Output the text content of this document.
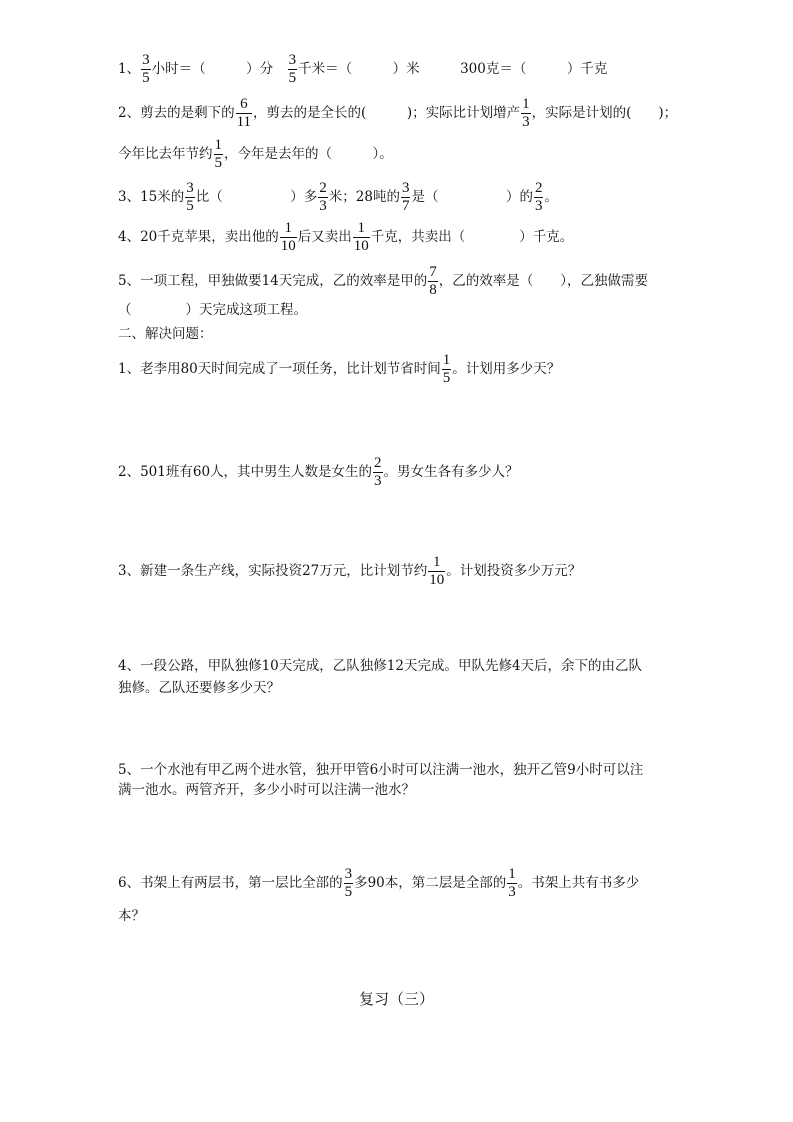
1、 $\frac{3}{5}$ 小时＝（　　　）分　 $\frac{3}{5}$ 千米＝（　　　）米　　　300克＝（　　　）千克
2、剪去的是剩下的 $\frac{6}{11}$ ，剪去的是全长的(　　　)；实际比计划增产 $\frac{1}{3}$ ，实际是计划的(　　)；
今年比去年节约 $\frac{1}{5}$ ，今年是去年的（　　　）。
3、15米的 $\frac{3}{5}$ 比（　　　　　）多 $\frac{2}{3}$ 米；28吨的 $\frac{3}{7}$ 是（　　　　　）的 $\frac{2}{3}$ 。
4、20千克苹果，卖出他的 $\frac{1}{10}$ 后又卖出 $\frac{1}{10}$ 千克，共卖出（　　　　）千克。
5、一项工程，甲独做要14天完成，乙的效率是甲的 $\frac{7}{8}$ ，乙的效率是（　　），乙独做需要
（　　　　）天完成这项工程。
二、解决问题：
1、老李用80天时间完成了一项任务，比计划节省时间 $\frac{1}{5}$ 。计划用多少天？
2、501班有60人，其中男生人数是女生的 $\frac{2}{3}$ 。男女生各有多少人？
3、新建一条生产线，实际投资27万元，比计划节约 $\frac{1}{10}$ 。计划投资多少万元？
4、一段公路，甲队独修10天完成，乙队独修12天完成。甲队先修4天后，余下的由乙队
独修。乙队还要修多少天？
5、一个水池有甲乙两个进水管，独开甲管6小时可以注满一池水，独开乙管9小时可以注
满一池水。两管齐开，多少小时可以注满一池水？
6、书架上有两层书，第一层比全部的 $\frac{3}{5}$ 多90本，第二层是全部的 $\frac{1}{3}$ 。书架上共有书多少
本？
复习（三）
